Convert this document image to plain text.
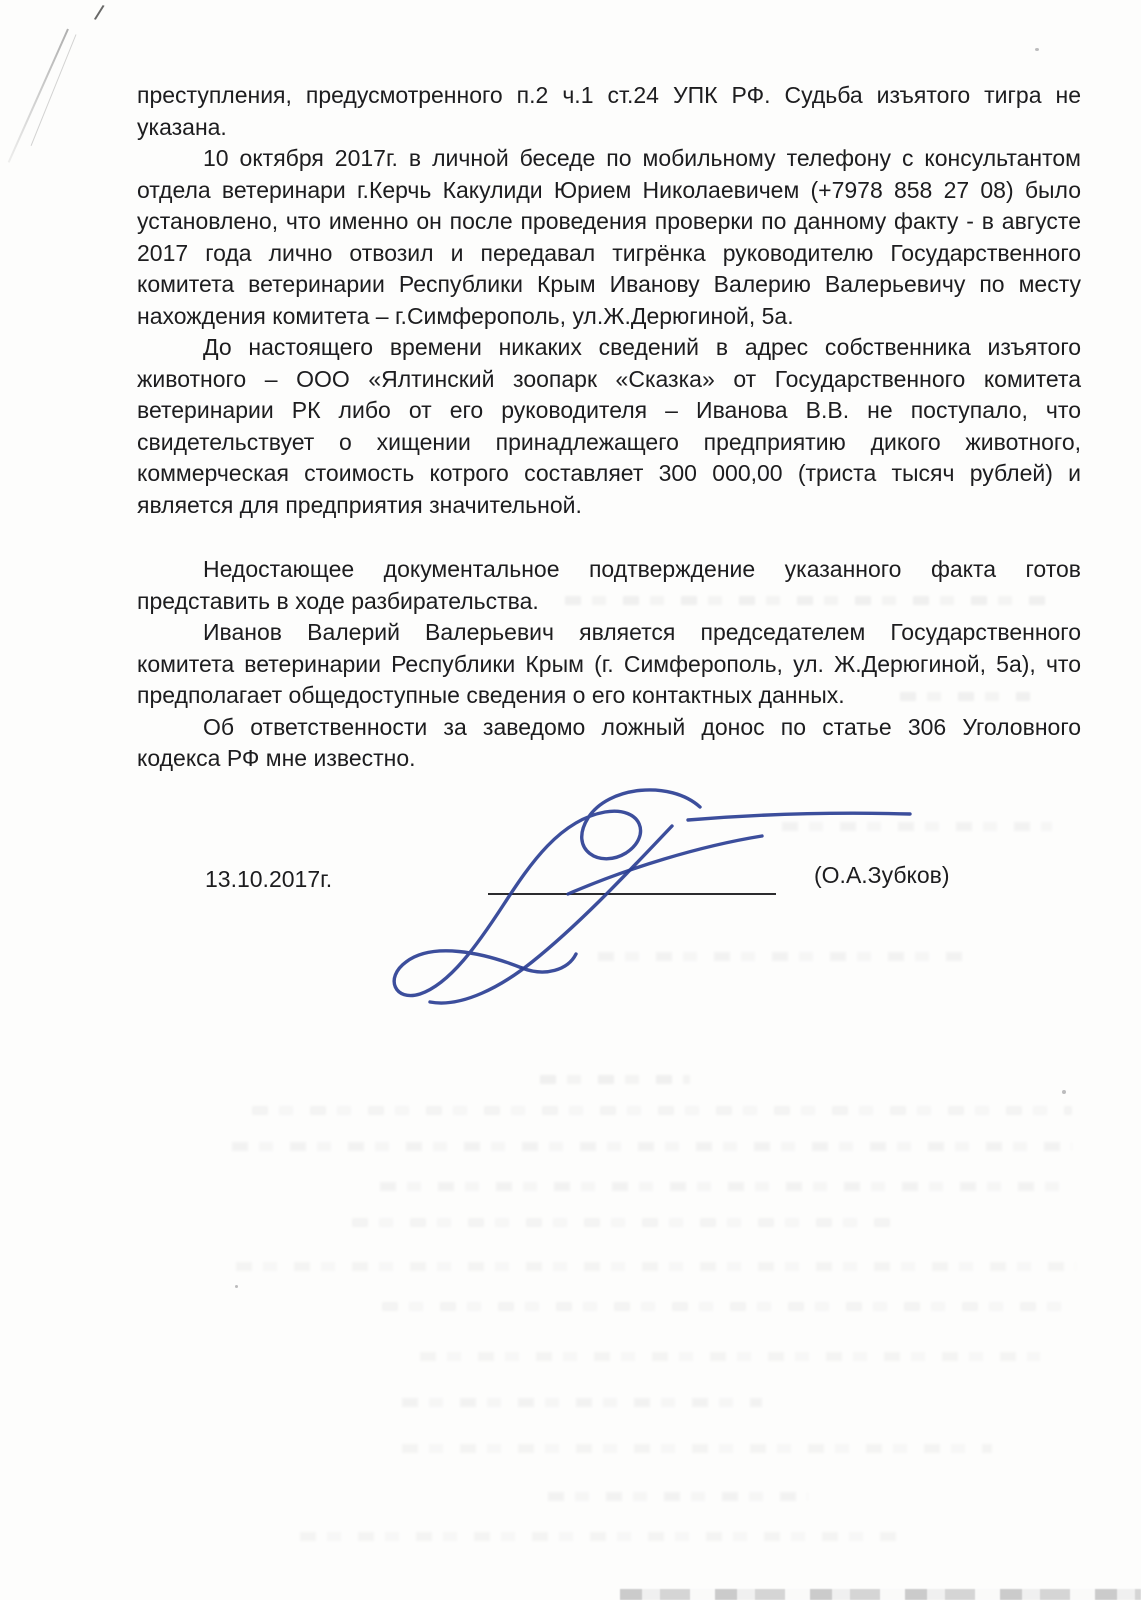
преступления, предусмотренного п.2 ч.1 ст.24 УПК РФ. Судьба изъятого тигра не указана.

10 октября 2017г. в личной беседе по мобильному телефону с консультантом отдела ветеринари г.Керчь Какулиди Юрием Николаевичем (+7978 858 27 08) было установлено, что именно он после проведения проверки по данному факту - в августе 2017 года лично отвозил и передавал тигрёнка руководителю Государственного комитета ветеринарии Республики Крым Иванову Валерию Валерьевичу по месту нахождения комитета – г.Симферополь, ул.Ж.Дерюгиной, 5а.

До настоящего времени никаких сведений в адрес собственника изъятого животного – ООО «Ялтинский зоопарк «Сказка» от Государственного комитета ветеринарии РК либо от его руководителя – Иванова В.В. не поступало, что свидетельствует о хищении принадлежащего предприятию дикого животного, коммерческая стоимость котрого составляет 300 000,00 (триста тысяч рублей) и является для предприятия значительной.

Недостающее документальное подтверждение указанного факта готов представить в ходе разбирательства.

Иванов Валерий Валерьевич является председателем Государственного комитета ветеринарии Республики Крым (г. Симферополь, ул. Ж.Дерюгиной, 5а), что предполагает общедоступные сведения о его контактных данных.

Об ответственности за заведомо ложный донос по статье 306 Уголовного кодекса РФ мне известно.

13.10.2017г.	(О.А.Зубков)
